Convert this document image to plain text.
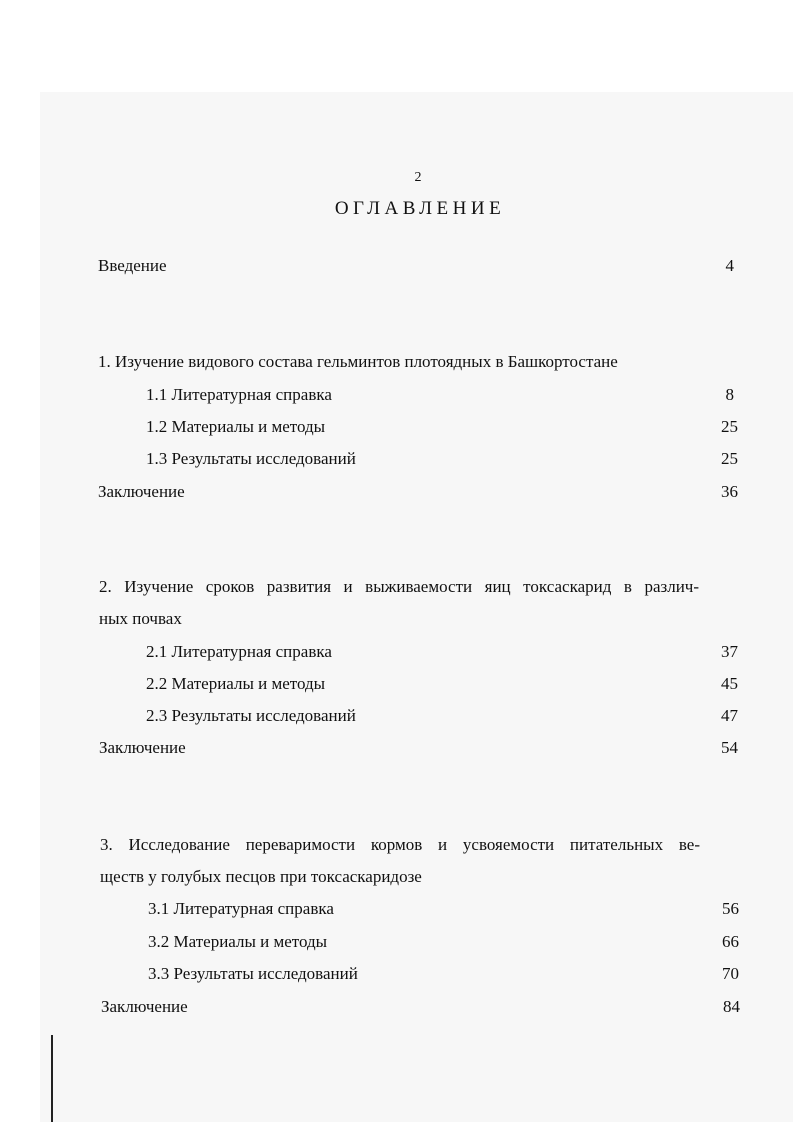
2
ОГЛАВЛЕНИЕ
Введение	4
1. Изучение видового состава гельминтов плотоядных в Башкортостане
1.1 Литературная справка	8
1.2 Материалы и методы	25
1.3 Результаты исследований	25
Заключение	36
2. Изучение сроков развития и выживаемости яиц токсаскарид в различ-
ных почвах
2.1 Литературная справка	37
2.2 Материалы и методы	45
2.3 Результаты исследований	47
Заключение	54
3. Исследование переваримости кормов и усвояемости питательных ве-
ществ у голубых песцов при токсаскаридозе
3.1 Литературная справка	56
3.2 Материалы и методы	66
3.3 Результаты исследований	70
Заключение	84
